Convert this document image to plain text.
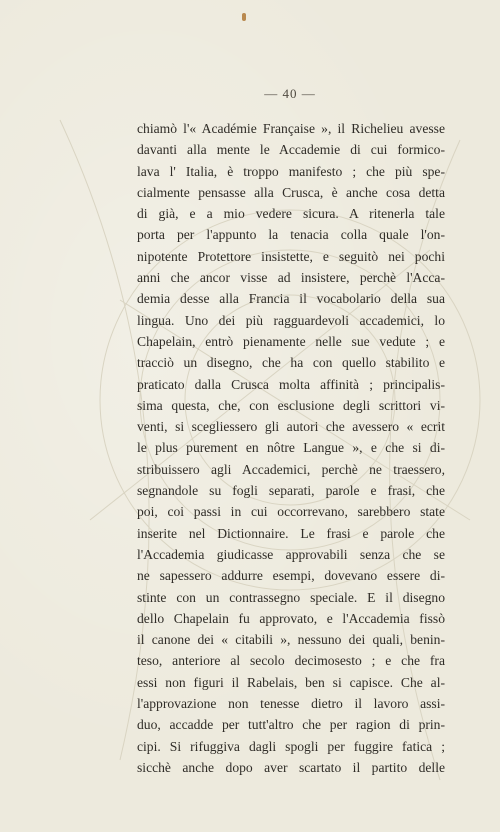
— 40 —
chiamò l'« Académie Française », il Richelieu avesse
davanti alla mente le Accademie di cui formico-
lava l' Italia, è troppo manifesto ; che più spe-
cialmente pensasse alla Crusca, è anche cosa detta
di già, e a mio vedere sicura. A ritenerla tale
porta per l'appunto la tenacia colla quale l'on-
nipotente Protettore insistette, e seguitò nei pochi
anni che ancor visse ad insistere, perchè l'Acca-
demia desse alla Francia il vocabolario della sua
lingua. Uno dei più ragguardevoli accademici, lo
Chapelain, entrò pienamente nelle sue vedute ; e
tracciò un disegno, che ha con quello stabilito e
praticato dalla Crusca molta affinità ; principalis-
sima questa, che, con esclusione degli scrittori vi-
venti, si scegliessero gli autori che avessero « ecrit
le plus purement en nôtre Langue », e che si di-
stribuissero agli Accademici, perchè ne traessero,
segnandole su fogli separati, parole e frasi, che
poi, coi passi in cui occorrevano, sarebbero state
inserite nel Dictionnaire. Le frasi e parole che
l'Accademia giudicasse approvabili senza che se
ne sapessero addurre esempi, dovevano essere di-
stinte con un contrassegno speciale. E il disegno
dello Chapelain fu approvato, e l'Accademia fissò
il canone dei « citabili », nessuno dei quali, benin-
teso, anteriore al secolo decimosesto ; e che fra
essi non figuri il Rabelais, ben si capisce. Che al-
l'approvazione non tenesse dietro il lavoro assi-
duo, accadde per tutt'altro che per ragion di prin-
cipi. Si rifuggiva dagli spogli per fuggire fatica ;
sicchè anche dopo aver scartato il partito delle
